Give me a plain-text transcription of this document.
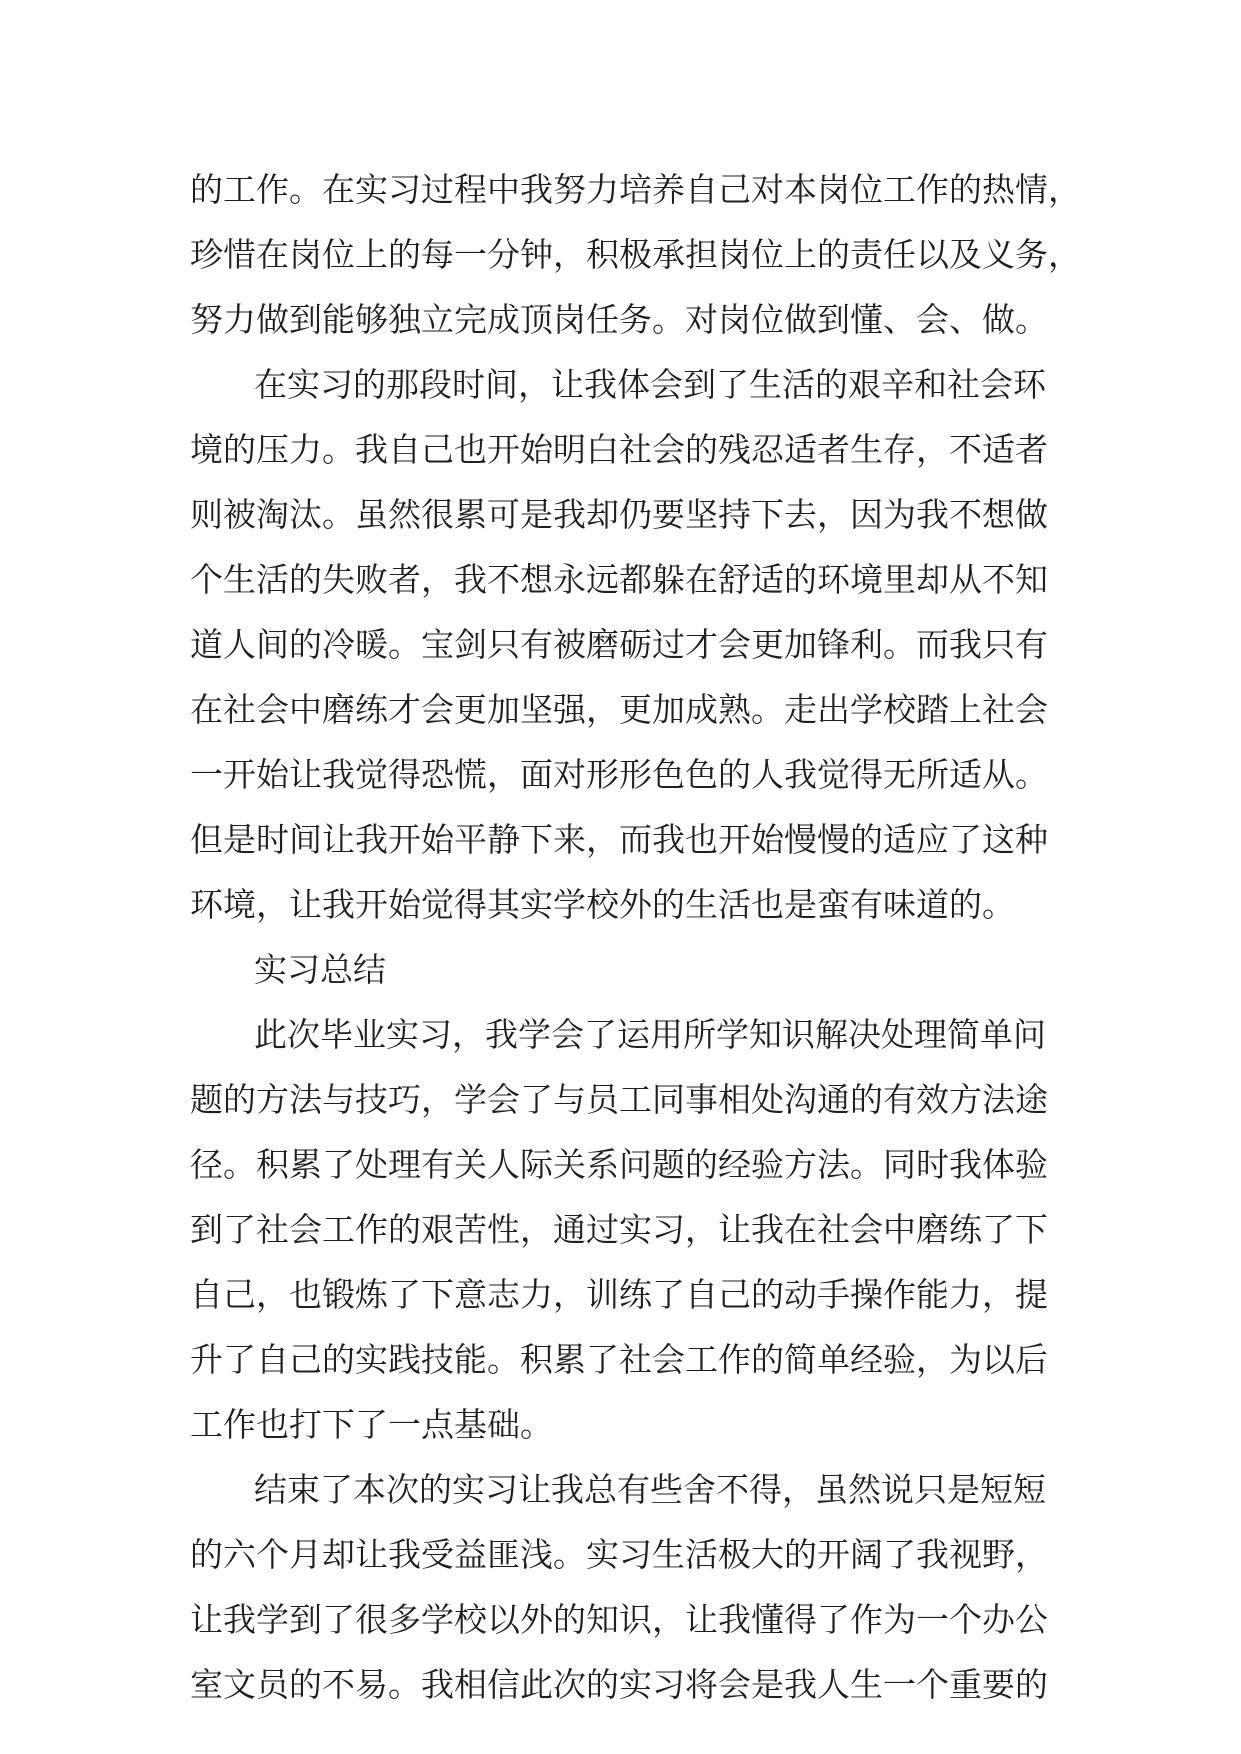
的工作。在实习过程中我努力培养自己对本岗位工作的热情，
珍惜在岗位上的每一分钟，积极承担岗位上的责任以及义务，
努力做到能够独立完成顶岗任务。对岗位做到懂、会、做。
在实习的那段时间，让我体会到了生活的艰辛和社会环
境的压力。我自己也开始明白社会的残忍适者生存，不适者
则被淘汰。虽然很累可是我却仍要坚持下去，因为我不想做
个生活的失败者，我不想永远都躲在舒适的环境里却从不知
道人间的冷暖。宝剑只有被磨砺过才会更加锋利。而我只有
在社会中磨练才会更加坚强，更加成熟。走出学校踏上社会
一开始让我觉得恐慌，面对形形色色的人我觉得无所适从。
但是时间让我开始平静下来，而我也开始慢慢的适应了这种
环境，让我开始觉得其实学校外的生活也是蛮有味道的。
实习总结
此次毕业实习，我学会了运用所学知识解决处理简单问
题的方法与技巧，学会了与员工同事相处沟通的有效方法途
径。积累了处理有关人际关系问题的经验方法。同时我体验
到了社会工作的艰苦性，通过实习，让我在社会中磨练了下
自己，也锻炼了下意志力，训练了自己的动手操作能力，提
升了自己的实践技能。积累了社会工作的简单经验，为以后
工作也打下了一点基础。
结束了本次的实习让我总有些舍不得，虽然说只是短短
的六个月却让我受益匪浅。实习生活极大的开阔了我视野，
让我学到了很多学校以外的知识，让我懂得了作为一个办公
室文员的不易。我相信此次的实习将会是我人生一个重要的
